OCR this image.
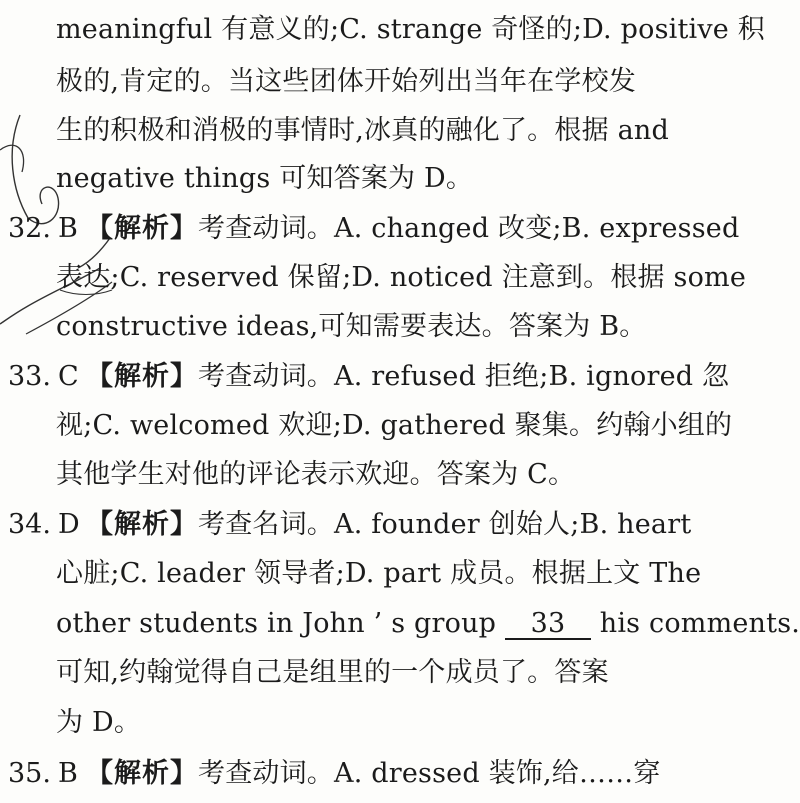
meaningful 有意义的;C. strange 奇怪的;D. positive 积
极的,肯定的。当这些团体开始列出当年在学校发
生的积极和消极的事情时,冰真的融化了。根据 and
negative things 可知答案为 D。
32. B 【解析】考查动词。A. changed 改变;B. expressed
表达;C. reserved 保留;D. noticed 注意到。根据 some
constructive ideas,可知需要表达。答案为 B。
33. C 【解析】考查动词。A. refused 拒绝;B. ignored 忽
视;C. welcomed 欢迎;D. gathered 聚集。约翰小组的
其他学生对他的评论表示欢迎。答案为 C。
34. D 【解析】考查名词。A. founder 创始人;B. heart
心脏;C. leader 领导者;D. part 成员。根据上文 The
other students in John ’ s group 33 his comments.
可知,约翰觉得自己是组里的一个成员了。答案
为 D。
35. B 【解析】考查动词。A. dressed 装饰,给……穿
